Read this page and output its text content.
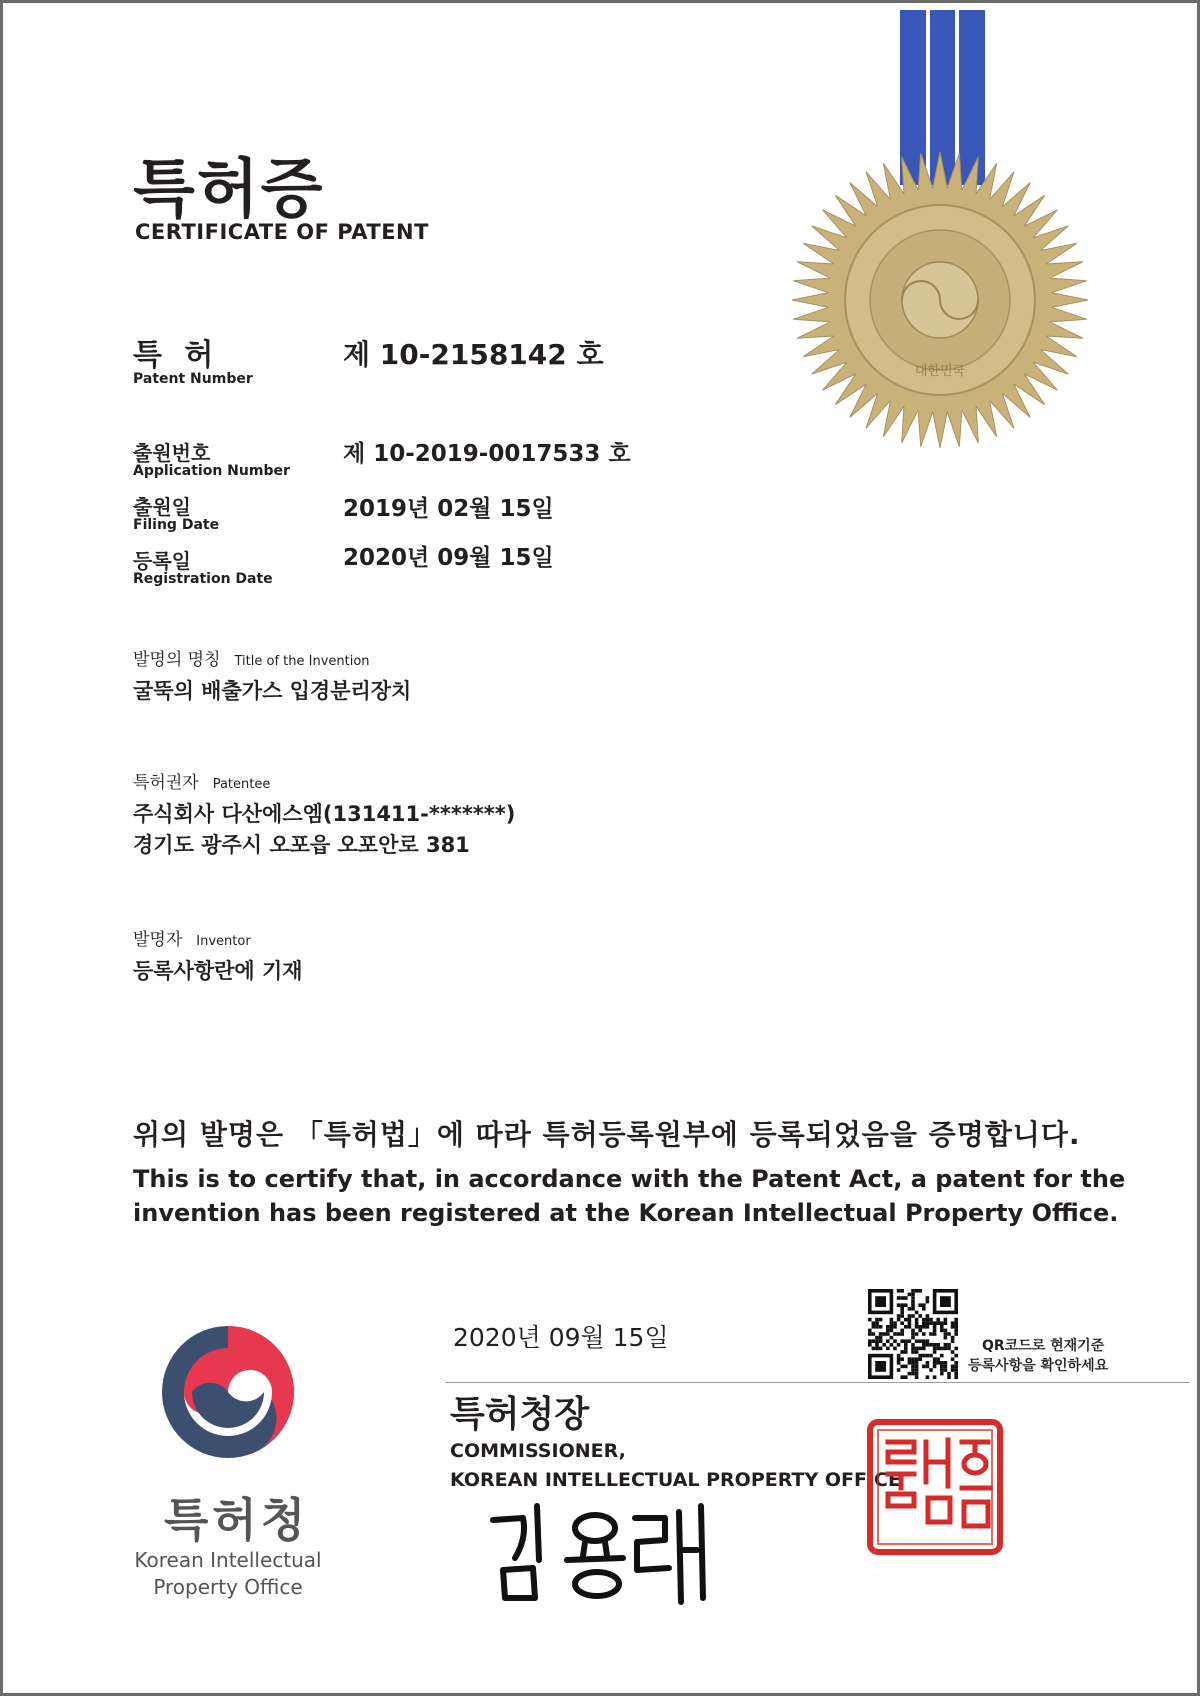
대한민국
특허증
CERTIFICATE OF PATENT
특 허
Patent Number
제 10-2158142 호
출원번호
Application Number
제 10-2019-0017533 호
출원일
Filing Date
2019년 02월 15일
등록일
Registration Date
2020년 09월 15일
발명의 명칭 Title of the Invention
굴뚝의 배출가스 입경분리장치
특허권자 Patentee
주식회사 다산에스엠(131411-*******)
경기도 광주시 오포읍 오포안로 381
발명자 Inventor
등록사항란에 기재
위의 발명은 「특허법」에 따라 특허등록원부에 등록되었음을 증명합니다.
This is to certify that, in accordance with the Patent Act, a patent for the
invention has been registered at the Korean Intellectual Property Office.
QR코드로 현재기준
등록사항을 확인하세요
2020년 09월 15일
특허청장
COMMISSIONER,
KOREAN INTELLECTUAL PROPERTY OFFICE
특허청
Korean Intellectual
Property Office
